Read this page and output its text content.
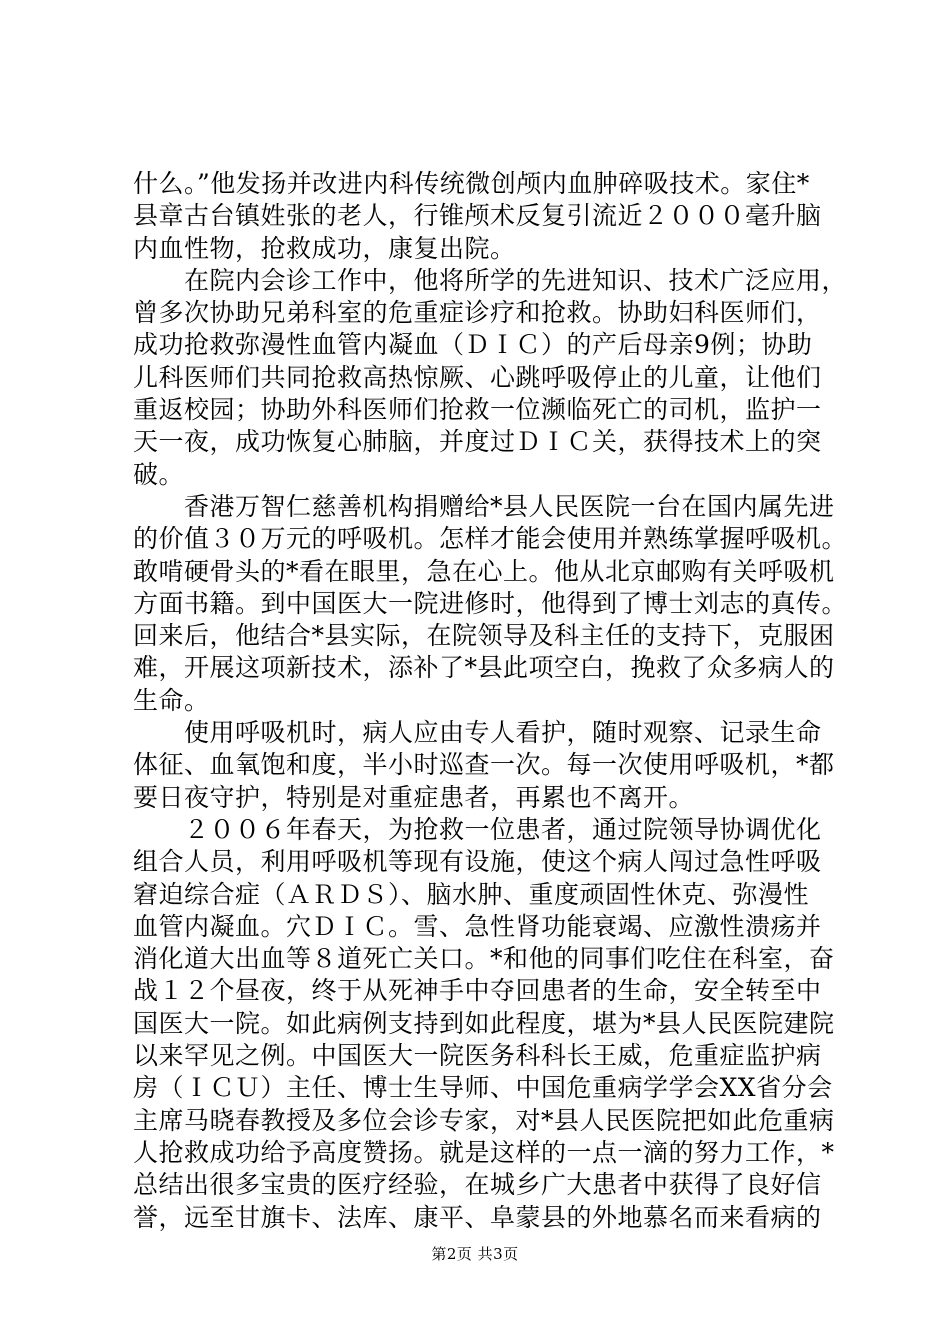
什么。”他发扬并改进内科传统微创颅内血肿碎吸技术。家住*
县章古台镇姓张的老人，行锥颅术反复引流近２０００毫升脑
内血性物，抢救成功，康复出院。
　　在院内会诊工作中，他将所学的先进知识、技术广泛应用，
曾多次协助兄弟科室的危重症诊疗和抢救。协助妇科医师们，
成功抢救弥漫性血管内凝血（ＤＩＣ）的产后母亲9例；协助
儿科医师们共同抢救高热惊厥、心跳呼吸停止的儿童，让他们
重返校园；协助外科医师们抢救一位濒临死亡的司机，监护一
天一夜，成功恢复心肺脑，并度过ＤＩＣ关，获得技术上的突
破。
　　香港万智仁慈善机构捐赠给*县人民医院一台在国内属先进
的价值３０万元的呼吸机。怎样才能会使用并熟练掌握呼吸机。
敢啃硬骨头的*看在眼里，急在心上。他从北京邮购有关呼吸机
方面书籍。到中国医大一院进修时，他得到了博士刘志的真传。
回来后，他结合*县实际，在院领导及科主任的支持下，克服困
难，开展这项新技术，添补了*县此项空白，挽救了众多病人的
生命。
　　使用呼吸机时，病人应由专人看护，随时观察、记录生命
体征、血氧饱和度，半小时巡查一次。每一次使用呼吸机，*都
要日夜守护，特别是对重症患者，再累也不离开。
　　２００６年春天，为抢救一位患者，通过院领导协调优化
组合人员，利用呼吸机等现有设施，使这个病人闯过急性呼吸
窘迫综合症（ＡＲＤＳ）、脑水肿、重度顽固性休克、弥漫性
血管内凝血。穴ＤＩＣ。雪、急性肾功能衰竭、应激性溃疡并
消化道大出血等８道死亡关口。*和他的同事们吃住在科室，奋
战１２个昼夜，终于从死神手中夺回患者的生命，安全转至中
国医大一院。如此病例支持到如此程度，堪为*县人民医院建院
以来罕见之例。中国医大一院医务科科长王威，危重症监护病
房（ＩＣＵ）主任、博士生导师、中国危重病学学会XX省分会
主席马晓春教授及多位会诊专家，对*县人民医院把如此危重病
人抢救成功给予高度赞扬。就是这样的一点一滴的努力工作，*
总结出很多宝贵的医疗经验，在城乡广大患者中获得了良好信
誉，远至甘旗卡、法库、康平、阜蒙县的外地慕名而来看病的
第2页 共3页
